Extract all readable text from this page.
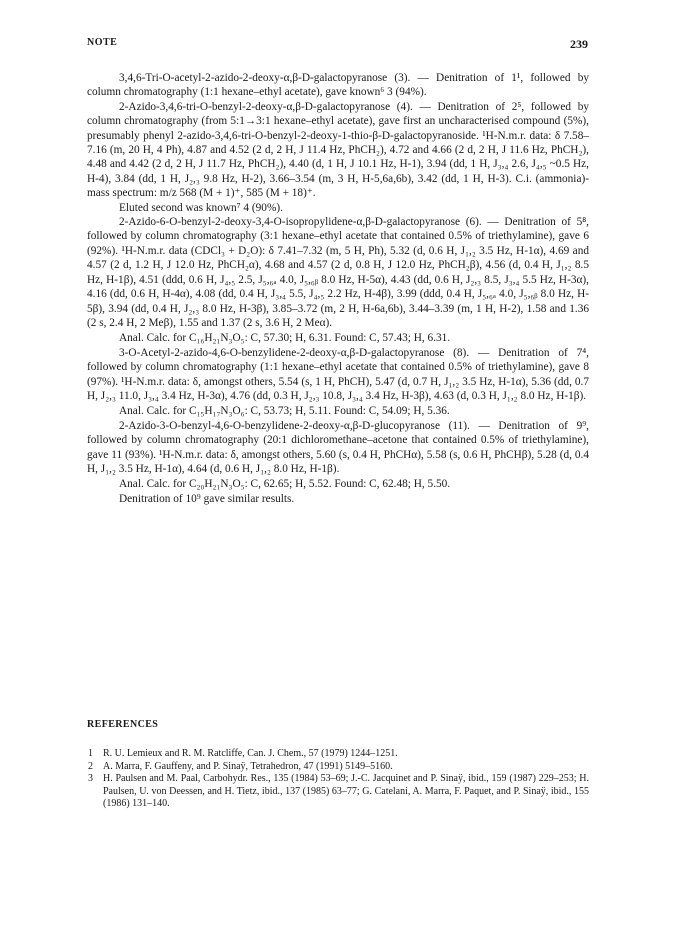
NOTE	239

3,4,6-Tri-O-acetyl-2-azido-2-deoxy-α,β-D-galactopyranose (3). — Denitration of 1¹, followed by column chromatography (1:1 hexane–ethyl acetate), gave known⁶ 3 (94%).

2-Azido-3,4,6-tri-O-benzyl-2-deoxy-α,β-D-galactopyranose (4). — Denitration of 2⁵, followed by column chromatography (from 5:1→3:1 hexane–ethyl acetate), gave first an uncharacterised compound (5%), presumably phenyl 2-azido-3,4,6-tri-O-benzyl-2-deoxy-1-thio-β-D-galactopyranoside. ¹H-N.m.r. data: δ 7.58–7.16 (m, 20 H, 4 Ph), 4.87 and 4.52 (2 d, 2 H, J 11.4 Hz, PhCH₂), 4.72 and 4.66 (2 d, 2 H, J 11.6 Hz, PhCH₂), 4.48 and 4.42 (2 d, 2 H, J 11.7 Hz, PhCH₂), 4.40 (d, 1 H, J 10.1 Hz, H-1), 3.94 (dd, 1 H, J₃,₄ 2.6, J₄,₅ ~0.5 Hz, H-4), 3.84 (dd, 1 H, J₂,₃ 9.8 Hz, H-2), 3.66–3.54 (m, 3 H, H-5,6a,6b), 3.42 (dd, 1 H, H-3). C.i. (ammonia)-mass spectrum: m/z 568 (M + 1)⁺, 585 (M + 18)⁺.

Eluted second was known⁷ 4 (90%).

2-Azido-6-O-benzyl-2-deoxy-3,4-O-isopropylidene-α,β-D-galactopyranose (6). — Denitration of 5⁸, followed by column chromatography (3:1 hexane–ethyl acetate that contained 0.5% of triethylamine), gave 6 (92%). ¹H-N.m.r. data (CDCl₃ + D₂O): δ 7.41–7.32 (m, 5 H, Ph), 5.32 (d, 0.6 H, J₁,₂ 3.5 Hz, H-1α), 4.69 and 4.57 (2 d, 1.2 H, J 12.0 Hz, PhCH₂α), 4.68 and 4.57 (2 d, 0.8 H, J 12.0 Hz, PhCH₂β), 4.56 (d, 0.4 H, J₁,₂ 8.5 Hz, H-1β), 4.51 (ddd, 0.6 H, J₄,₅ 2.5, J₅,₆ₐ 4.0, J₅,₆ᵦ 8.0 Hz, H-5α), 4.43 (dd, 0.6 H, J₂,₃ 8.5, J₃,₄ 5.5 Hz, H-3α), 4.16 (dd, 0.6 H, H-4α), 4.08 (dd, 0.4 H, J₃,₄ 5.5, J₄,₅ 2.2 Hz, H-4β), 3.99 (ddd, 0.4 H, J₅,₆ₐ 4.0, J₅,₆ᵦ 8.0 Hz, H-5β), 3.94 (dd, 0.4 H, J₂,₃ 8.0 Hz, H-3β), 3.85–3.72 (m, 2 H, H-6a,6b), 3.44–3.39 (m, 1 H, H-2), 1.58 and 1.36 (2 s, 2.4 H, 2 Meβ), 1.55 and 1.37 (2 s, 3.6 H, 2 Meα).

Anal. Calc. for C₁₆H₂₁N₃O₅: C, 57.30; H, 6.31. Found: C, 57.43; H, 6.31.

3-O-Acetyl-2-azido-4,6-O-benzylidene-2-deoxy-α,β-D-galactopyranose (8). — Denitration of 7⁴, followed by column chromatography (1:1 hexane–ethyl acetate that contained 0.5% of triethylamine), gave 8 (97%). ¹H-N.m.r. data: δ, amongst others, 5.54 (s, 1 H, PhCH), 5.47 (d, 0.7 H, J₁,₂ 3.5 Hz, H-1α), 5.36 (dd, 0.7 H, J₂,₃ 11.0, J₃,₄ 3.4 Hz, H-3α), 4.76 (dd, 0.3 H, J₂,₃ 10.8, J₃,₄ 3.4 Hz, H-3β), 4.63 (d, 0.3 H, J₁,₂ 8.0 Hz, H-1β).

Anal. Calc. for C₁₅H₁₇N₃O₆: C, 53.73; H, 5.11. Found: C, 54.09; H, 5.36.

2-Azido-3-O-benzyl-4,6-O-benzylidene-2-deoxy-α,β-D-glucopyranose (11). — Denitration of 9⁹, followed by column chromatography (20:1 dichloromethane–acetone that contained 0.5% of triethylamine), gave 11 (93%). ¹H-N.m.r. data: δ, amongst others, 5.60 (s, 0.4 H, PhCHα), 5.58 (s, 0.6 H, PhCHβ), 5.28 (d, 0.4 H, J₁,₂ 3.5 Hz, H-1α), 4.64 (d, 0.6 H, J₁,₂ 8.0 Hz, H-1β).

Anal. Calc. for C₂₀H₂₁N₃O₅: C, 62.65; H, 5.52. Found: C, 62.48; H, 5.50.

Denitration of 10⁹ gave similar results.

REFERENCES
1 R. U. Lemieux and R. M. Ratcliffe, Can. J. Chem., 57 (1979) 1244–1251.
2 A. Marra, F. Gauffeny, and P. Sinaÿ, Tetrahedron, 47 (1991) 5149–5160.
3 H. Paulsen and M. Paal, Carbohydr. Res., 135 (1984) 53–69; J.-C. Jacquinet and P. Sinaÿ, ibid., 159 (1987) 229–253; H. Paulsen, U. von Deessen, and H. Tietz, ibid., 137 (1985) 63–77; G. Catelani, A. Marra, F. Paquet, and P. Sinaÿ, ibid., 155 (1986) 131–140.
